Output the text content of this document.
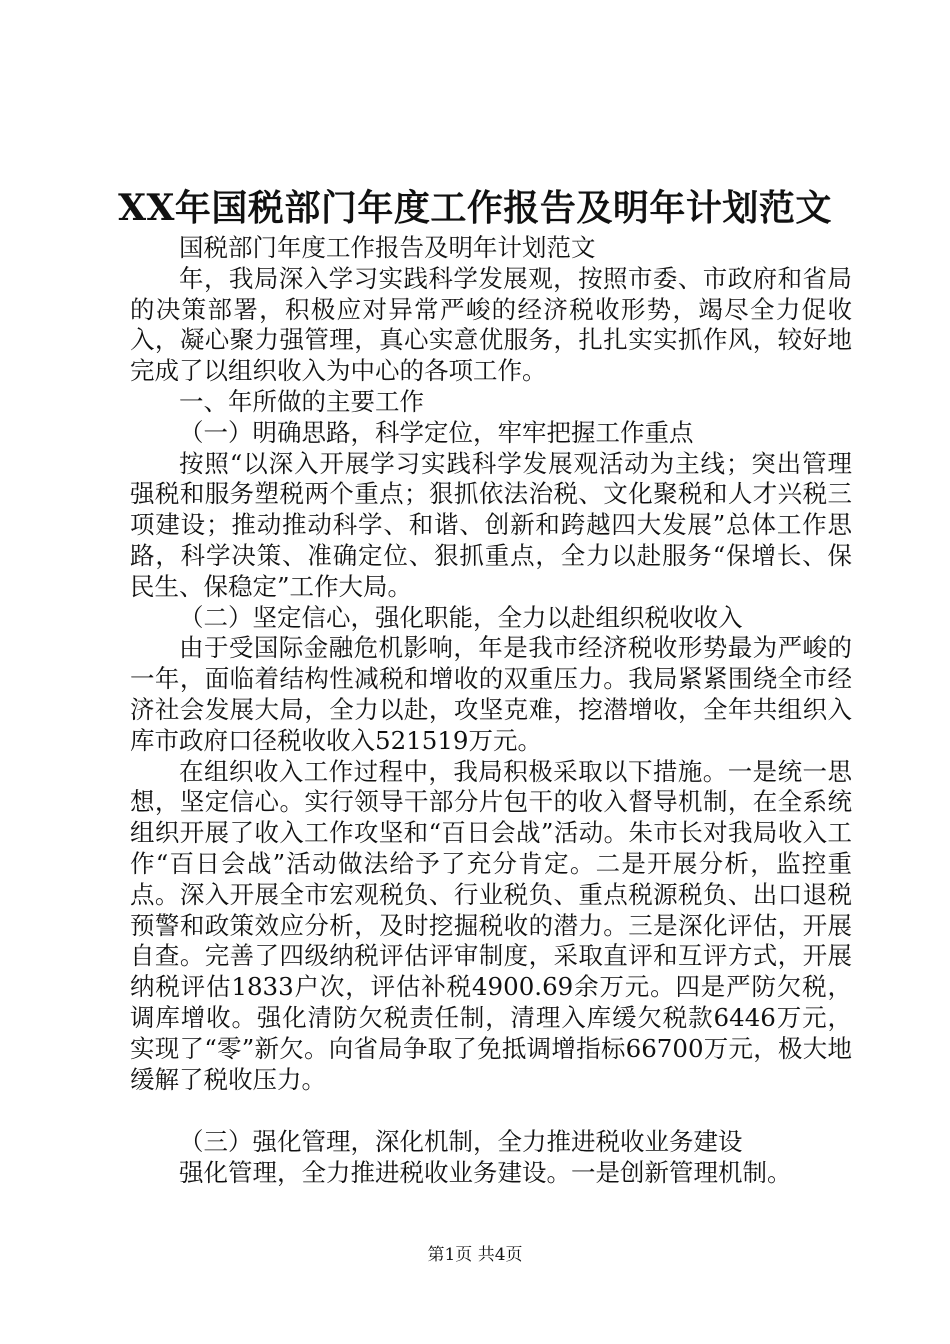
XX年国税部门年度工作报告及明年计划范文

国税部门年度工作报告及明年计划范文

年，我局深入学习实践科学发展观，按照市委、市政府和省局的决策部署，积极应对异常严峻的经济税收形势，竭尽全力促收入，凝心聚力强管理，真心实意优服务，扎扎实实抓作风，较好地完成了以组织收入为中心的各项工作。

一、年所做的主要工作

（一）明确思路，科学定位，牢牢把握工作重点

按照“以深入开展学习实践科学发展观活动为主线；突出管理强税和服务塑税两个重点；狠抓依法治税、文化聚税和人才兴税三项建设；推动推动科学、和谐、创新和跨越四大发展”总体工作思路，科学决策、准确定位、狠抓重点，全力以赴服务“保增长、保民生、保稳定”工作大局。

（二）坚定信心，强化职能，全力以赴组织税收收入

由于受国际金融危机影响，年是我市经济税收形势最为严峻的一年，面临着结构性减税和增收的双重压力。我局紧紧围绕全市经济社会发展大局，全力以赴，攻坚克难，挖潜增收，全年共组织入库市政府口径税收收入521519万元。

在组织收入工作过程中，我局积极采取以下措施。一是统一思想，坚定信心。实行领导干部分片包干的收入督导机制，在全系统组织开展了收入工作攻坚和“百日会战”活动。朱市长对我局收入工作“百日会战”活动做法给予了充分肯定。二是开展分析，监控重点。深入开展全市宏观税负、行业税负、重点税源税负、出口退税预警和政策效应分析，及时挖掘税收的潜力。三是深化评估，开展自查。完善了四级纳税评估评审制度，采取直评和互评方式，开展纳税评估1833户次，评估补税4900.69余万元。四是严防欠税，调库增收。强化清防欠税责任制，清理入库缓欠税款6446万元，实现了“零”新欠。向省局争取了免抵调增指标66700万元，极大地缓解了税收压力。

（三）强化管理，深化机制，全力推进税收业务建设

强化管理，全力推进税收业务建设。一是创新管理机制。

第1页 共4页
